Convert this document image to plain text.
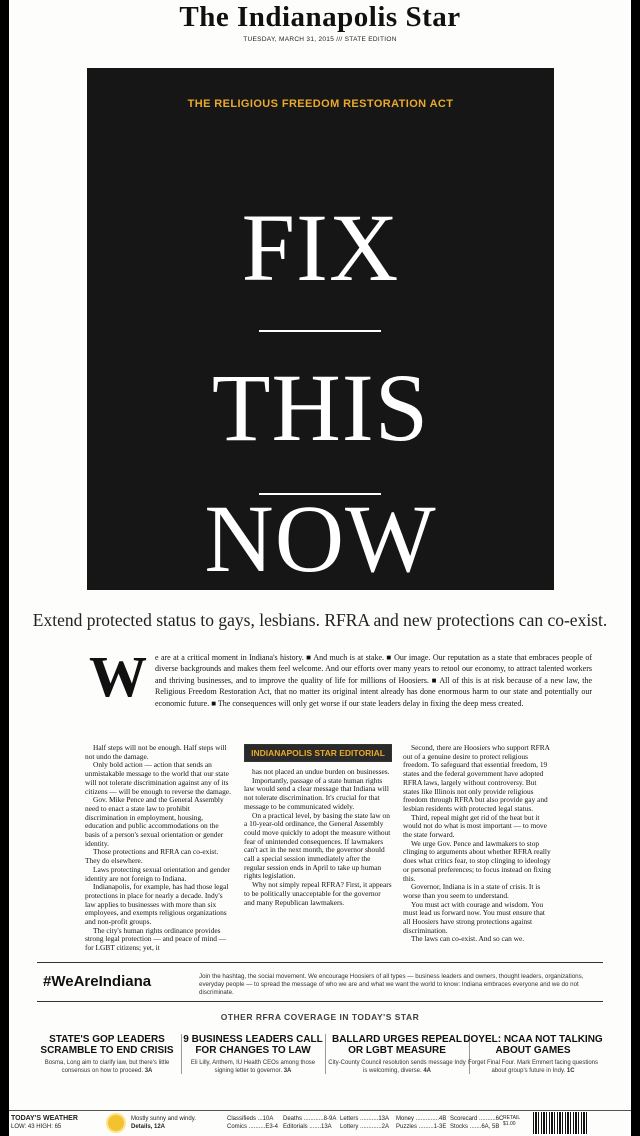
The Indianapolis Star
TUESDAY, MARCH 31, 2015 /// STATE EDITION
THE RELIGIOUS FREEDOM RESTORATION ACT
FIX
THIS
NOW
Extend protected status to gays, lesbians. RFRA and new protections can co-exist.
W e are at a critical moment in Indiana's history. ■ And much is at stake. ■ Our image. Our reputation as a state that embraces people of diverse backgrounds and makes them feel welcome. And our efforts over many years to retool our economy, to attract talented workers and thriving businesses, and to improve the quality of life for millions of Hoosiers. ■ All of this is at risk because of a new law, the Religious Freedom Restoration Act, that no matter its original intent already has done enormous harm to our state and potentially our economic future. ■ The consequences will only get worse if our state leaders delay in fixing the deep mess created.

Half steps will not be enough. Half steps will not undo the damage.

Only bold action — action that sends an unmistakable message to the world that our state will not tolerate discrimination against any of its citizens — will be enough to reverse the damage.

Gov. Mike Pence and the General Assembly need to enact a state law to prohibit discrimination in employment, housing, education and public accommodations on the basis of a person's sexual orientation or gender identity.

Those protections and RFRA can co-exist. They do elsewhere.

Laws protecting sexual orientation and gender identity are not foreign to Indiana.

Indianapolis, for example, has had those legal protections in place for nearly a decade. Indy's law applies to businesses with more than six employees, and exempts religious organizations and non-profit groups.

The city's human rights ordinance provides strong legal protection — and peace of mind — for LGBT citizens; yet, it

INDIANAPOLIS STAR EDITORIAL

has not placed an undue burden on businesses.

Importantly, passage of a state human rights law would send a clear message that Indiana will not tolerate discrimination. It's crucial for that message to be communicated widely.

On a practical level, by basing the state law on a 10-year-old ordinance, the General Assembly could move quickly to adopt the measure without fear of unintended consequences. If lawmakers can't act in the next month, the governor should call a special session immediately after the regular session ends in April to take up human rights legislation.

Why not simply repeal RFRA? First, it appears to be politically unacceptable for the governor and many Republican lawmakers.

Second, there are Hoosiers who support RFRA out of a genuine desire to protect religious freedom. To safeguard that essential freedom, 19 states and the federal government have adopted RFRA laws, largely without controversy. But states like Illinois not only provide religious freedom through RFRA but also provide gay and lesbian residents with protected legal status.

Third, repeal might get rid of the heat but it would not do what is most important — to move the state forward.

We urge Gov. Pence and lawmakers to stop clinging to arguments about whether RFRA really does what critics fear, to stop clinging to ideology or personal preferences; to focus instead on fixing this.

Governor, Indiana is in a state of crisis. It is worse than you seem to understand.

You must act with courage and wisdom. You must lead us forward now. You must ensure that all Hoosiers have strong protections against discrimination.

The laws can co-exist. And so can we.

#WeAreIndiana	Join the hashtag, the social movement. We encourage Hoosiers of all types — business leaders and owners, thought leaders, organizations, everyday people — to spread the message of who we are and what we want the world to know: Indiana embraces everyone and we do not discriminate.
OTHER RFRA COVERAGE IN TODAY'S STAR
STATE'S GOP LEADERS SCRAMBLE TO END CRISIS
Bosma, Long aim to clarify law, but there's little consensus on how to proceed. 3A
9 BUSINESS LEADERS CALL FOR CHANGES TO LAW
Eli Lilly, Anthem, IU Health CEOs among those signing letter to governor. 3A
BALLARD URGES REPEAL OR LGBT MEASURE
City-County Council resolution sends message Indy is welcoming, diverse. 4A
DOYEL: NCAA NOT TALKING ABOUT GAMES
Forget Final Four. Mark Emmert facing questions about group's future in Indy. 1C
TODAY'S WEATHER
LOW: 43 HIGH: 65
Mostly sunny and windy.
Details, 12A
Classifieds ...10A
Comics ..........E3-4
Deaths ............8-9A
Editorials .......13A
Letters ...........13A
Lottery .............2A
Money ..............4B
Puzzles .........1-3E
Scorecard ..........6C
Stocks .......6A, 5B
RETAIL
$1.00
